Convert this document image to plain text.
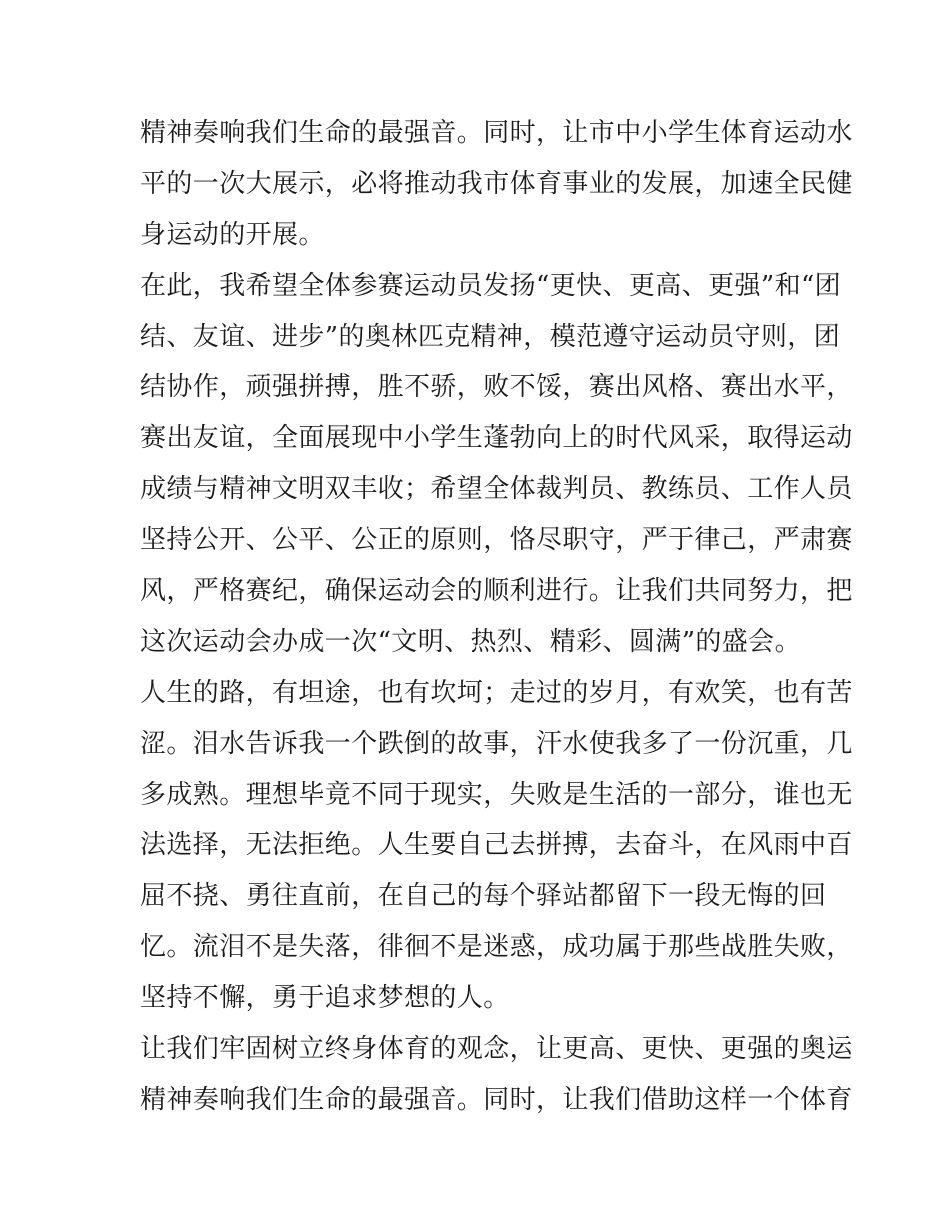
精神奏响我们生命的最强音。同时，让市中小学生体育运动水
平的一次大展示，必将推动我市体育事业的发展，加速全民健
身运动的开展。
在此，我希望全体参赛运动员发扬“更快、更高、更强”和“团
结、友谊、进步”的奥林匹克精神，模范遵守运动员守则，团
结协作，顽强拼搏，胜不骄，败不馁，赛出风格、赛出水平，
赛出友谊，全面展现中小学生蓬勃向上的时代风采，取得运动
成绩与精神文明双丰收；希望全体裁判员、教练员、工作人员
坚持公开、公平、公正的原则，恪尽职守，严于律己，严肃赛
风，严格赛纪，确保运动会的顺利进行。让我们共同努力，把
这次运动会办成一次“文明、热烈、精彩、圆满”的盛会。
人生的路，有坦途，也有坎坷；走过的岁月，有欢笑，也有苦
涩。泪水告诉我一个跌倒的故事，汗水使我多了一份沉重，几
多成熟。理想毕竟不同于现实，失败是生活的一部分，谁也无
法选择，无法拒绝。人生要自己去拼搏，去奋斗，在风雨中百
屈不挠、勇往直前，在自己的每个驿站都留下一段无悔的回
忆。流泪不是失落，徘徊不是迷惑，成功属于那些战胜失败，
坚持不懈，勇于追求梦想的人。
让我们牢固树立终身体育的观念，让更高、更快、更强的奥运
精神奏响我们生命的最强音。同时，让我们借助这样一个体育
